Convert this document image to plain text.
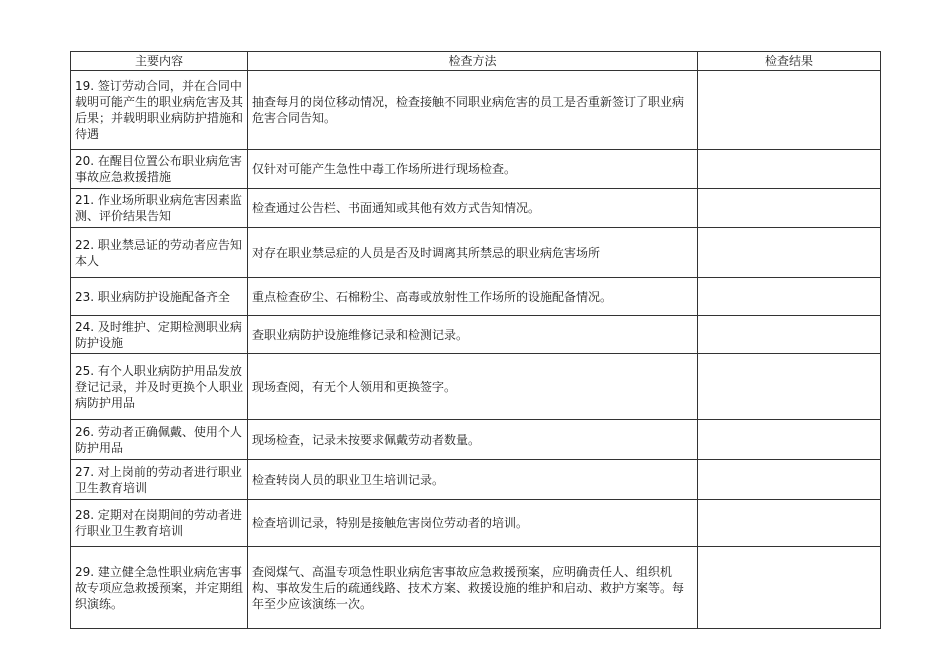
主要内容	检查方法	检查结果
19. 签订劳动合同，并在合同中载明可能产生的职业病危害及其后果；并载明职业病防护措施和待遇	抽查每月的岗位移动情况，检查接触不同职业病危害的员工是否重新签订了职业病危害合同告知。	
20. 在醒目位置公布职业病危害事故应急救援措施	仅针对可能产生急性中毒工作场所进行现场检查。	
21. 作业场所职业病危害因素监测、评价结果告知	检查通过公告栏、书面通知或其他有效方式告知情况。	
22. 职业禁忌证的劳动者应告知本人	对存在职业禁忌症的人员是否及时调离其所禁忌的职业病危害场所	
23. 职业病防护设施配备齐全	重点检查矽尘、石棉粉尘、高毒或放射性工作场所的设施配备情况。	
24. 及时维护、定期检测职业病防护设施	查职业病防护设施维修记录和检测记录。	
25. 有个人职业病防护用品发放登记记录，并及时更换个人职业病防护用品	现场查阅，有无个人领用和更换签字。	
26. 劳动者正确佩戴、使用个人防护用品	现场检查，记录未按要求佩戴劳动者数量。	
27. 对上岗前的劳动者进行职业卫生教育培训	检查转岗人员的职业卫生培训记录。	
28. 定期对在岗期间的劳动者进行职业卫生教育培训	检查培训记录，特别是接触危害岗位劳动者的培训。	
29. 建立健全急性职业病危害事故专项应急救援预案，并定期组织演练。	查阅煤气、高温专项急性职业病危害事故应急救援预案，应明确责任人、组织机构、事故发生后的疏通线路、技术方案、救援设施的维护和启动、救护方案等。每年至少应该演练一次。	
